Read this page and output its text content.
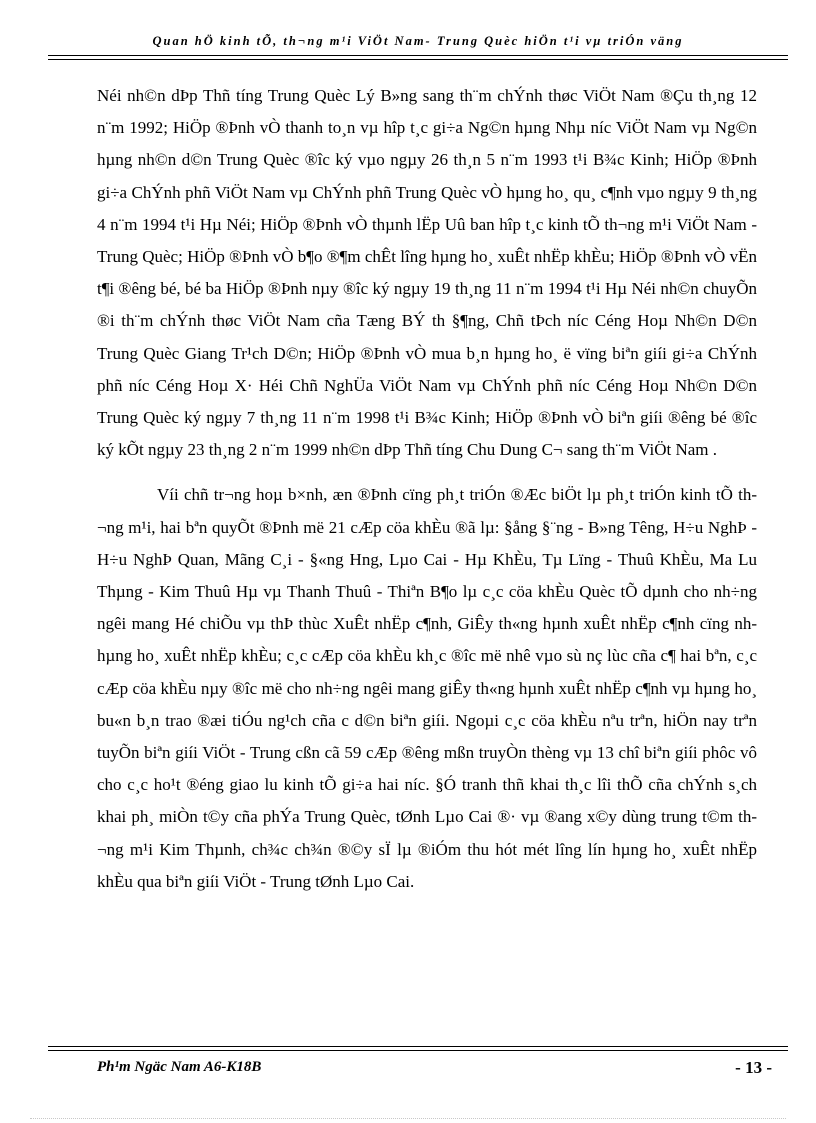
Quan hÖ kinh tÕ, th¬ng m¹i ViÖt Nam- Trung Quèc hiÖn t¹i vµ triÓn väng

Néi nh©n dÞp Thñ tíng Trung Quèc Lý B»ng sang th¨m chÝnh thøc ViÖt Nam ®Çu th¸ng 12 n¨m 1992; HiÖp ®Þnh vÒ thanh to¸n vµ hîp t¸c gi÷a Ng©n hµng Nhµ níc ViÖt Nam vµ Ng©n hµng nh©n d©n Trung Quèc ®îc ký vµo ngµy 26 th¸n 5 n¨m 1993 t¹i B¾c Kinh; HiÖp ®Þnh gi÷a ChÝnh phñ ViÖt Nam vµ ChÝnh phñ Trung Quèc vÒ hµng ho¸ qu¸ c¶nh vµo ngµy 9 th¸ng 4 n¨m 1994 t¹i Hµ Néi; HiÖp ®Þnh vÒ thµnh lËp Uû ban hîp t¸c kinh tÕ th¬ng m¹i ViÖt Nam - Trung Quèc; HiÖp ®Þnh vÒ b¶o ®¶m chÊt lîng hµng ho¸ xuÊt nhËp khÈu; HiÖp ®Þnh vÒ vËn t¶i ®êng bé, bé ba HiÖp ®Þnh nµy ®îc ký ngµy 19 th¸ng 11 n¨m 1994 t¹i Hµ Néi nh©n chuyÕn ®i th¨m chÝnh thøc ViÖt Nam cña Tæng BÝ th §¶ng, Chñ tÞch níc Céng Hoµ Nh©n D©n Trung Quèc Giang Tr¹ch D©n; HiÖp ®Þnh vÒ mua b¸n hµng ho¸ ë vïng biªn giíi gi÷a ChÝnh phñ níc Céng Hoµ X· Héi Chñ NghÜa ViÖt Nam vµ ChÝnh phñ níc Céng Hoµ Nh©n D©n Trung Quèc ký ngµy 7 th¸ng 11 n¨m 1998 t¹i B¾c Kinh; HiÖp ®Þnh vÒ biªn giíi ®êng bé ®îc ký kÕt ngµy 23 th¸ng 2 n¨m 1999 nh©n dÞp Thñ tíng Chu Dung C¬ sang th¨m ViÖt Nam .

Víi chñ tr¬ng hoµ b×nh, æn ®Þnh cïng ph¸t triÓn ®Æc biÖt lµ ph¸t triÓn kinh tÕ th¬ng m¹i, hai bªn quyÕt ®Þnh më 21 cÆp cöa khÈu ®ã lµ: §ång §¨ng - B»ng Têng, H÷u NghÞ - H÷u NghÞ Quan, Mãng C¸i - §«ng Hng, Lµo Cai - Hµ KhÈu, Tµ Lïng - Thuû KhÈu, Ma Lu Thµng - Kim Thuû Hµ vµ Thanh Thuû - Thiªn B¶o lµ c¸c cöa khÈu Quèc tÕ dµnh cho nh÷ng ngêi mang Hé chiÕu vµ thÞ thùc XuÊt nhËp c¶nh, GiÊy th«ng hµnh xuÊt nhËp c¶nh cïng nh hµng ho¸ xuÊt nhËp khÈu; c¸c cÆp cöa khÈu kh¸c ®îc më nhê vµo sù nç lùc cña c¶ hai bªn, c¸c cÆp cöa khÈu nµy ®îc më cho nh÷ng ngêi mang giÊy th«ng hµnh xuÊt nhËp c¶nh vµ hµng ho¸ bu«n b¸n trao ®æi tiÓu ng¹ch cña c d©n biªn giíi. Ngoµi c¸c cöa khÈu nªu trªn, hiÖn nay trªn tuyÕn biªn giíi ViÖt - Trung cßn cã 59 cÆp ®êng mßn truyÒn thèng vµ 13 chî biªn giíi phôc vô cho c¸c ho¹t ®éng giao lu kinh tÕ gi÷a hai níc. §Ó tranh thñ khai th¸c lîi thÕ cña chÝnh s¸ch khai ph¸ miÒn t©y cña phÝa Trung Quèc, tØnh Lµo Cai ®· vµ ®ang x©y dùng trung t©m th¬ng m¹i Kim Thµnh, ch¾c ch¾n ®©y sÏ lµ ®iÓm thu hót mét lîng lín hµng ho¸ xuÊt nhËp khÈu qua biªn giíi ViÖt - Trung tØnh Lµo Cai.

Ph¹m Ngäc Nam A6-K18B	- 13 -
